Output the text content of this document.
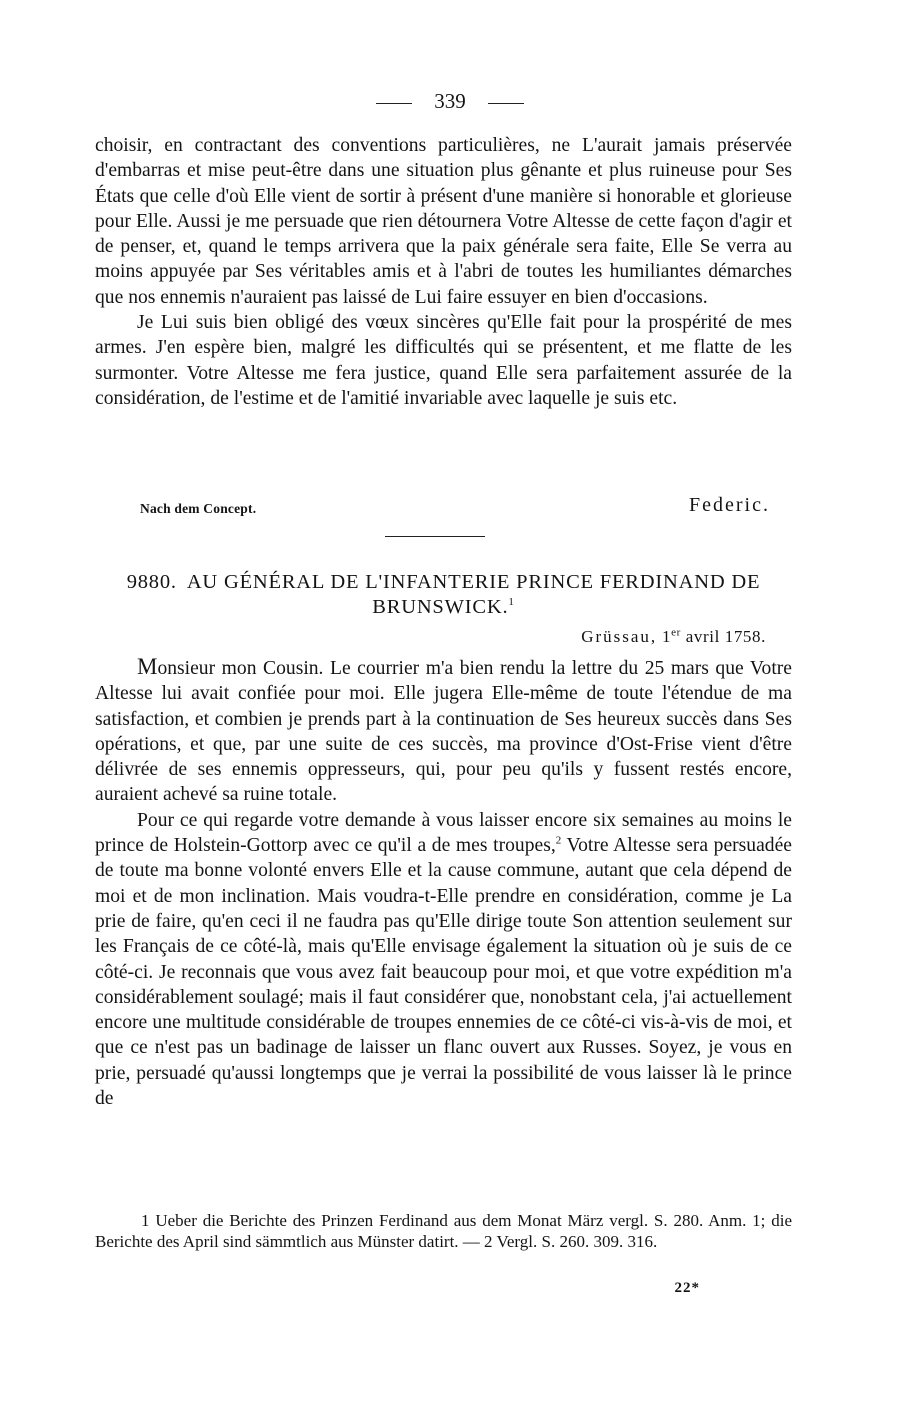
339

choisir, en contractant des conventions particulières, ne L'aurait jamais préservée d'embarras et mise peut-être dans une situation plus gênante et plus ruineuse pour Ses États que celle d'où Elle vient de sortir à présent d'une manière si honorable et glorieuse pour Elle. Aussi je me persuade que rien détournera Votre Altesse de cette façon d'agir et de penser, et, quand le temps arrivera que la paix générale sera faite, Elle Se verra au moins appuyée par Ses véritables amis et à l'abri de toutes les humiliantes démarches que nos ennemis n'auraient pas laissé de Lui faire essuyer en bien d'occasions.

Je Lui suis bien obligé des vœux sincères qu'Elle fait pour la prospérité de mes armes. J'en espère bien, malgré les difficultés qui se présentent, et me flatte de les surmonter. Votre Altesse me fera justice, quand Elle sera parfaitement assurée de la considération, de l'estime et de l'amitié invariable avec laquelle je suis etc.

Nach dem Concept.	Federic.
9880. AU GÉNÉRAL DE L'INFANTERIE PRINCE FERDINAND DE BRUNSWICK.$^1$
Grüssau, 1er avril 1758.

Monsieur mon Cousin. Le courrier m'a bien rendu la lettre du 25 mars que Votre Altesse lui avait confiée pour moi. Elle jugera Elle-même de toute l'étendue de ma satisfaction, et combien je prends part à la continuation de Ses heureux succès dans Ses opérations, et que, par une suite de ces succès, ma province d'Ost-Frise vient d'être délivrée de ses ennemis oppresseurs, qui, pour peu qu'ils y fussent restés encore, auraient achevé sa ruine totale.

Pour ce qui regarde votre demande à vous laisser encore six semaines au moins le prince de Holstein-Gottorp avec ce qu'il a de mes troupes,$^2$ Votre Altesse sera persuadée de toute ma bonne volonté envers Elle et la cause commune, autant que cela dépend de moi et de mon inclination. Mais voudra-t-Elle prendre en considération, comme je La prie de faire, qu'en ceci il ne faudra pas qu'Elle dirige toute Son attention seulement sur les Français de ce côté-là, mais qu'Elle envisage également la situation où je suis de ce côté-ci. Je reconnais que vous avez fait beaucoup pour moi, et que votre expédition m'a considérablement soulagé; mais il faut considérer que, nonobstant cela, j'ai actuellement encore une multitude considérable de troupes ennemies de ce côté-ci vis-à-vis de moi, et que ce n'est pas un badinage de laisser un flanc ouvert aux Russes. Soyez, je vous en prie, persuadé qu'aussi longtemps que je verrai la possibilité de vous laisser là le prince de

1 Ueber die Berichte des Prinzen Ferdinand aus dem Monat März vergl. S. 280. Anm. 1; die Berichte des April sind sämmtlich aus Münster datirt. — 2 Vergl. S. 260. 309. 316.

22*
